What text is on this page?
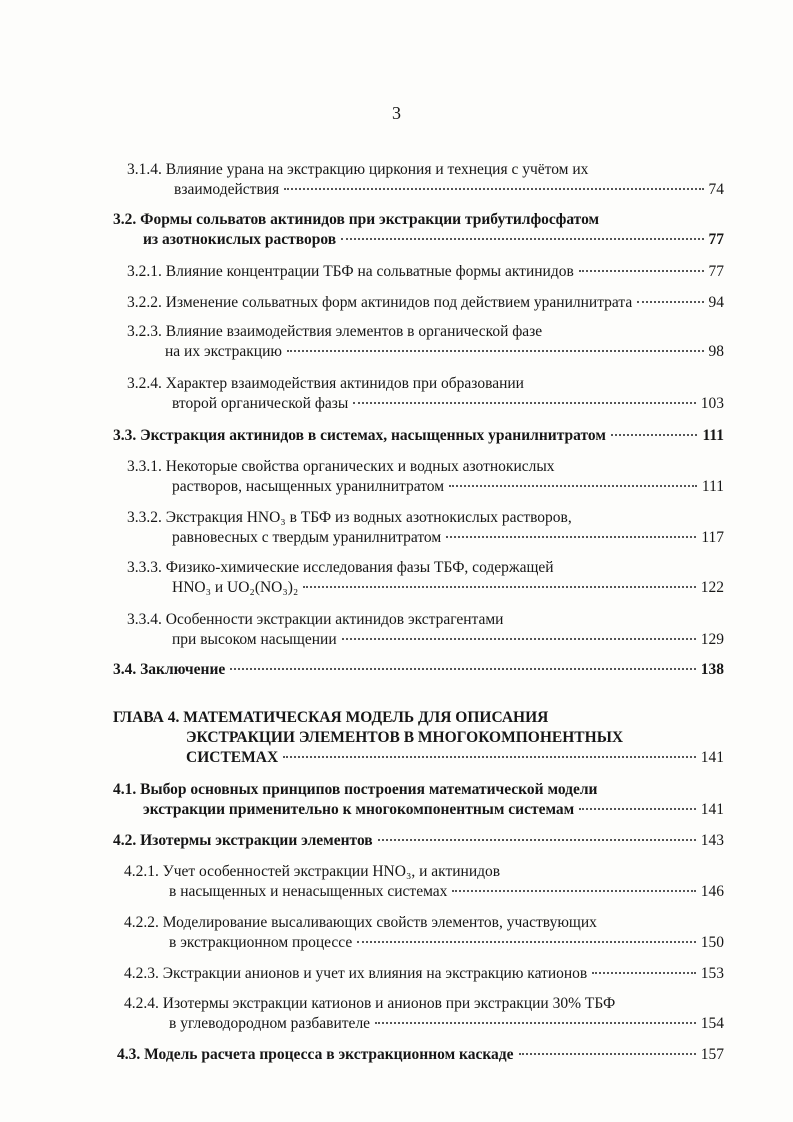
3
3.1.4.
Влияние урана на экстракцию циркония и технеция с учётом их
взаимодействия	74
3.2.
Формы сольватов актинидов при экстракции трибутилфосфатом
из азотнокислых растворов	77
3.2.1.
Влияние концентрации ТБФ на сольватные формы актинидов	77
3.2.2.
Изменение сольватных форм актинидов под действием уранилнитрата	94
3.2.3.
Влияние взаимодействия элементов в органической фазе
на их экстракцию	98
3.2.4.
Характер взаимодействия актинидов при образовании
второй органической фазы	103
3.3.
Экстракция актинидов в системах, насыщенных уранилнитратом	111
3.3.1.
Некоторые свойства органических и водных азотнокислых
растворов, насыщенных уранилнитратом	111
3.3.2.
Экстракция HNO₃ в ТБФ из водных азотнокислых растворов,
равновесных с твердым уранилнитратом	117
3.3.3.
Физико-химические исследования фазы ТБФ, содержащей
HNO₃ и UO₂(NO₃)₂	122
3.3.4.
Особенности экстракции актинидов экстрагентами
при высоком насыщении	129
3.4.
Заключение	138
ГЛАВА 4.
МАТЕМАТИЧЕСКАЯ МОДЕЛЬ ДЛЯ ОПИСАНИЯ
ЭКСТРАКЦИИ ЭЛЕМЕНТОВ В МНОГОКОМПОНЕНТНЫХ
СИСТЕМАХ	141
4.1.
Выбор основных принципов построения математической модели
экстракции применительно к многокомпонентным системам	141
4.2.
Изотермы экстракции элементов	143
4.2.1.
Учет особенностей экстракции HNO₃, и актинидов
в насыщенных и ненасыщенных системах	146
4.2.2.
Моделирование высаливающих свойств элементов, участвующих
в экстракционном процессе	150
4.2.3.
Экстракции анионов и учет их влияния на экстракцию катионов	153
4.2.4.
Изотермы экстракции катионов и анионов при экстракции 30% ТБФ
в углеводородном разбавителе	154
4.3.
Модель расчета процесса в экстракционном каскаде	157
